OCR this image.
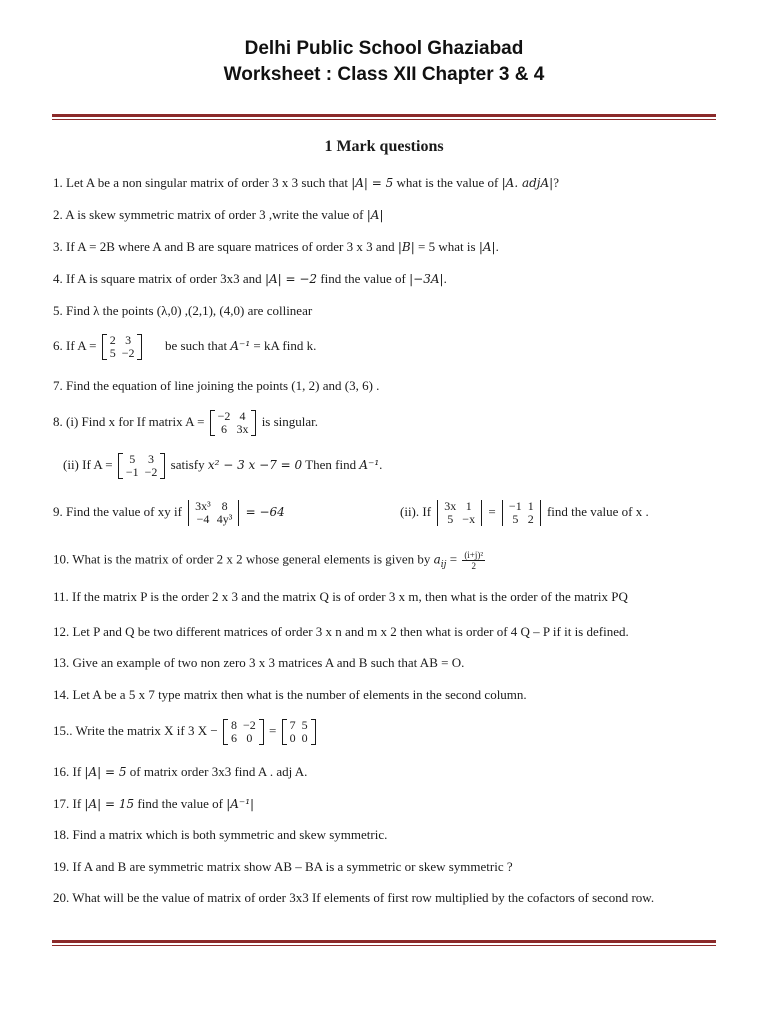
Delhi Public School Ghaziabad
Worksheet : Class XII Chapter 3 & 4
1 Mark questions
1. Let A be a non singular matrix of order 3 x 3 such that |A| = 5 what is the value of |A. adjA|?
2. A is skew symmetric matrix of order 3 ,write the value of |A|
3. If A = 2B where A and B are square matrices of order 3 x 3 and |B| = 5 what is |A|.
4. If A is square matrix of order 3x3 and |A| = −2 find the value of |−3A|.
5. Find λ the points (λ,0) ,(2,1), (4,0) are collinear
6. If A = 2	3
5	−2
be such that A⁻¹ = kA find k.
7. Find the equation of line joining the points (1, 2) and (3, 6) .
8. (i) Find x for If matrix A = −2	4
6	3x
is singular.
(ii) If A = 5	3
−1	−2
satisfy x² − 3 x −7 = 0 Then find A⁻¹.
9. Find the value of xy if 3x³	8
−4	4y³
= −64	(ii). If 3x	1
5	−x
= −1	1
5	2
find the value of x .
10. What is the matrix of order 2 x 2 whose general elements is given by $a_{ij} = \frac{\text{(i+j)²}}{2}$
11. If the matrix P is the order 2 x 3 and the matrix Q is of order 3 x m, then what is the order of the matrix PQ
12. Let P and Q be two different matrices of order 3 x n and m x 2 then what is order of 4 Q – P if it is defined.
13. Give an example of two non zero 3 x 3 matrices A and B such that AB = O.
14. Let A be a 5 x 7 type matrix then what is the number of elements in the second column.
15.. Write the matrix X if 3 X − 8	−2
6	0
= 7	5
0	0
16. If |A| = 5 of matrix order 3x3 find A . adj A.
17. If |A| = 15 find the value of |A⁻¹|
18. Find a matrix which is both symmetric and skew symmetric.
19. If A and B are symmetric matrix show AB – BA is a symmetric or skew symmetric ?
20. What will be the value of matrix of order 3x3 If elements of first row multiplied by the cofactors of second row.
